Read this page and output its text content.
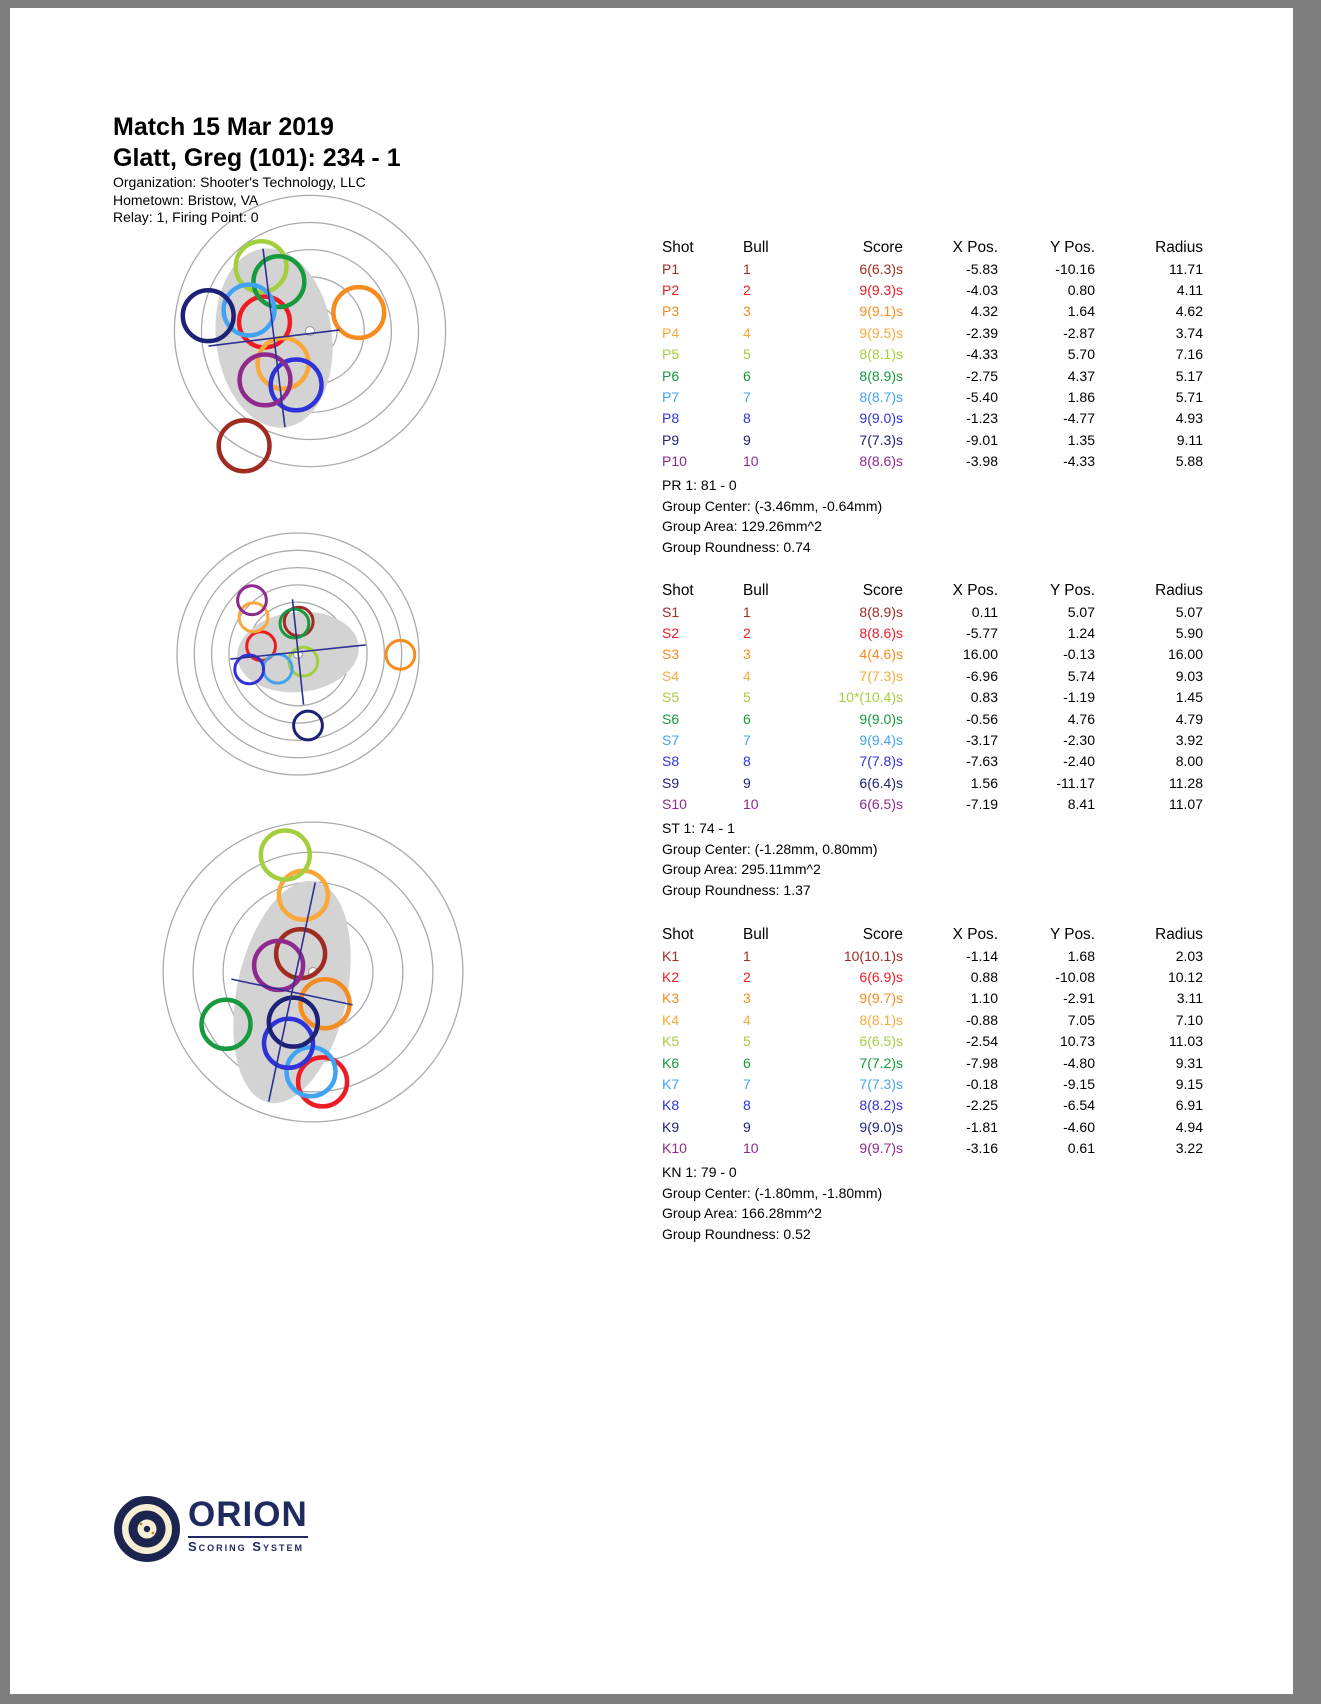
Match 15 Mar 2019
Glatt, Greg (101): 234 - 1
Organization: Shooter's Technology, LLC
Hometown: Bristow, VA
Relay: 1, Firing Point: 0
Shot	Bull	Score	X Pos.	Y Pos.	Radius
P1	1	6(6.3)s	-5.83	-10.16	11.71
P2	2	9(9.3)s	-4.03	0.80	4.11
P3	3	9(9.1)s	4.32	1.64	4.62
P4	4	9(9.5)s	-2.39	-2.87	3.74
P5	5	8(8.1)s	-4.33	5.70	7.16
P6	6	8(8.9)s	-2.75	4.37	5.17
P7	7	8(8.7)s	-5.40	1.86	5.71
P8	8	9(9.0)s	-1.23	-4.77	4.93
P9	9	7(7.3)s	-9.01	1.35	9.11
P10	10	8(8.6)s	-3.98	-4.33	5.88
PR 1: 81 - 0
Group Center: (-3.46mm, -0.64mm)
Group Area: 129.26mm^2
Group Roundness: 0.74
Shot	Bull	Score	X Pos.	Y Pos.	Radius
S1	1	8(8.9)s	0.11	5.07	5.07
S2	2	8(8.6)s	-5.77	1.24	5.90
S3	3	4(4.6)s	16.00	-0.13	16.00
S4	4	7(7.3)s	-6.96	5.74	9.03
S5	5	10*(10.4)s	0.83	-1.19	1.45
S6	6	9(9.0)s	-0.56	4.76	4.79
S7	7	9(9.4)s	-3.17	-2.30	3.92
S8	8	7(7.8)s	-7.63	-2.40	8.00
S9	9	6(6.4)s	1.56	-11.17	11.28
S10	10	6(6.5)s	-7.19	8.41	11.07
ST 1: 74 - 1
Group Center: (-1.28mm, 0.80mm)
Group Area: 295.11mm^2
Group Roundness: 1.37
Shot	Bull	Score	X Pos.	Y Pos.	Radius
K1	1	10(10.1)s	-1.14	1.68	2.03
K2	2	6(6.9)s	0.88	-10.08	10.12
K3	3	9(9.7)s	1.10	-2.91	3.11
K4	4	8(8.1)s	-0.88	7.05	7.10
K5	5	6(6.5)s	-2.54	10.73	11.03
K6	6	7(7.2)s	-7.98	-4.80	9.31
K7	7	7(7.3)s	-0.18	-9.15	9.15
K8	8	8(8.2)s	-2.25	-6.54	6.91
K9	9	9(9.0)s	-1.81	-4.60	4.94
K10	10	9(9.7)s	-3.16	0.61	3.22
KN 1: 79 - 0
Group Center: (-1.80mm, -1.80mm)
Group Area: 166.28mm^2
Group Roundness: 0.52
ORION
Scoring System
